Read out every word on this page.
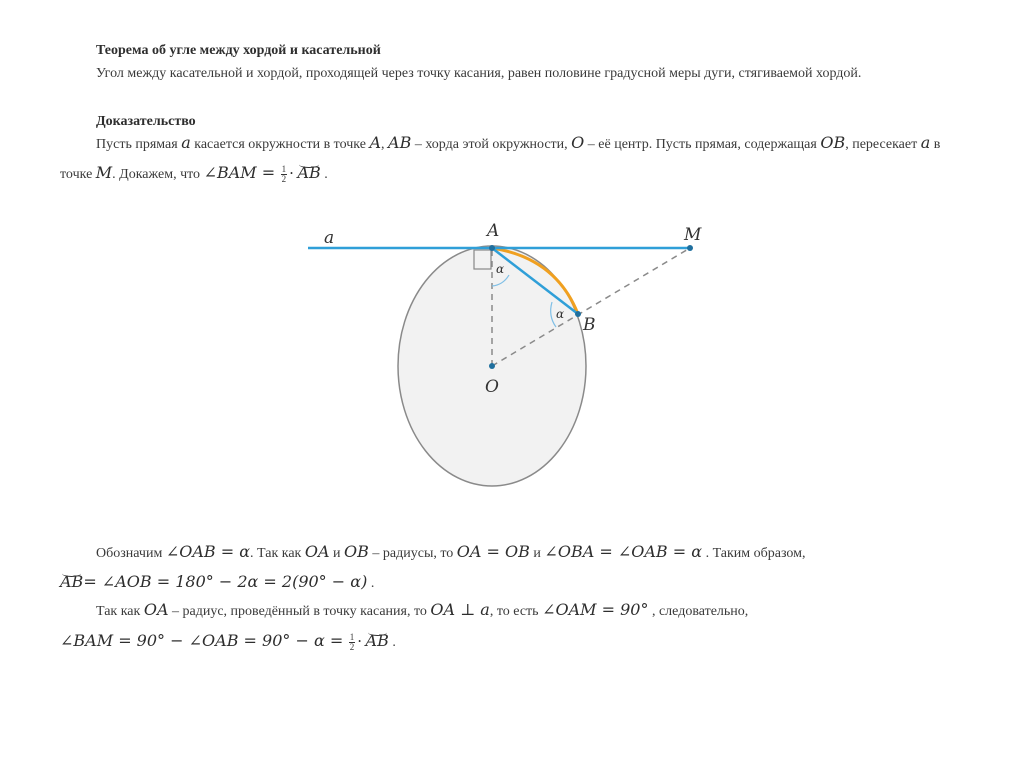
Теорема об угле между хордой и касательной
Угол между касательной и хордой, проходящей через точку касания, равен половине градусной меры дуги, стягиваемой хордой.
Доказательство
Пусть прямая a касается окружности в точке A, AB – хорда этой окружности, O – её центр. Пусть прямая, содержащая OB, пересекает a в
точке M. Докажем, что ∠BAM = $\frac{1}{2}$ · AB .
a	A	M
B
O
α
α
Обозначим ∠OAB = α. Так как OA и OB – радиусы, то OA = OB и ∠OBA = ∠OAB = α . Таким образом,
AB= ∠AOB = 180° − 2α = 2(90° − α) .
Так как OA – радиус, проведённый в точку касания, то OA ⊥ a, то есть ∠OAM = 90° , следовательно,
∠BAM = 90° − ∠OAB = $90^\circ - \alpha = \frac{1}{2}$ · AB .
